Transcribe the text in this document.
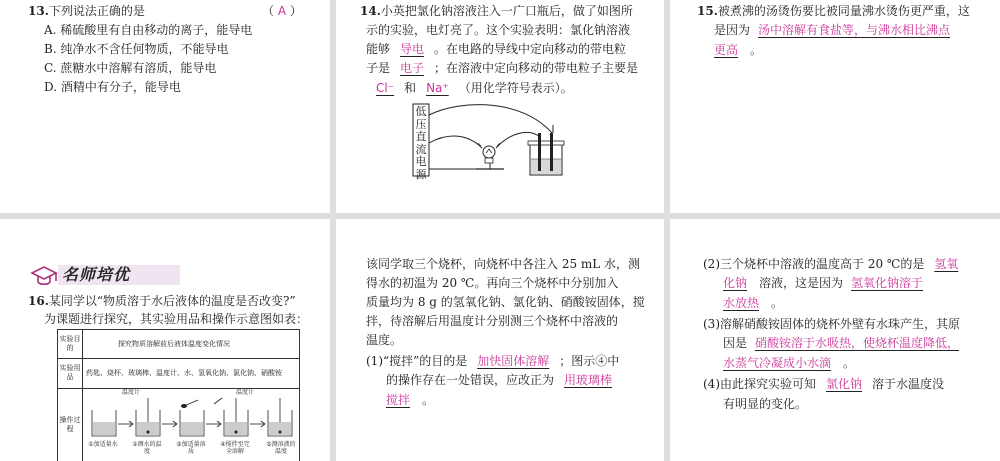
13.下列说法正确的是	（ A ）
A. 稀硫酸里有自由移动的离子，能导电
B. 纯净水不含任何物质，不能导电
C. 蔗糖水中溶解有溶质，能导电
D. 酒精中有分子，能导电
14.小英把氯化钠溶液注入一广口瓶后，做了如图所
示的实验，电灯亮了。这个实验表明：氯化钠溶液
能够 导电 。在电路的导线中定向移动的带电粒
子是 电子 ；在溶液中定向移动的带电粒子主要是
Cl⁻ 和 Na⁺ （用化学符号表示）。
低压直流电源
15.被煮沸的汤烫伤要比被同量沸水烫伤更严重，这
是因为 汤中溶解有食盐等，与沸水相比沸点
更高 。
名师培优
16.某同学以“物质溶于水后液体的温度是否改变?”
为课题进行探究，其实验用品和操作示意图如表：
实验目的
探究物质溶解前后液体温度变化情况
实验用品
药匙、烧杯、玻璃棒、温度计、水、氢氧化钠、氯化钠、硝酸铵
操作过程
温度计	温度计
①加适量水 ②测水的温度
③加适量溶质
④搅拌至完全溶解
⑤测溶液的温度
该同学取三个烧杯，向烧杯中各注入 25 mL 水，测
得水的初温为 20 ℃。再向三个烧杯中分别加入
质量均为 8 g 的氢氧化钠、氯化钠、硝酸铵固体，搅
拌，待溶解后用温度计分别测三个烧杯中溶液的
温度。
(1)“搅拌”的目的是 加快固体溶解 ；图示④中
的操作存在一处错误，应改正为 用玻璃棒
搅拌 。
(2)三个烧杯中溶液的温度高于 20 ℃的是 氢氧
化钠 溶液，这是因为 氢氧化钠溶于
水放热 。
(3)溶解硝酸铵固体的烧杯外壁有水珠产生，其原
因是 硝酸铵溶于水吸热，使烧杯温度降低，
水蒸气冷凝成小水滴 。
(4)由此探究实验可知 氯化钠 溶于水温度没
有明显的变化。
